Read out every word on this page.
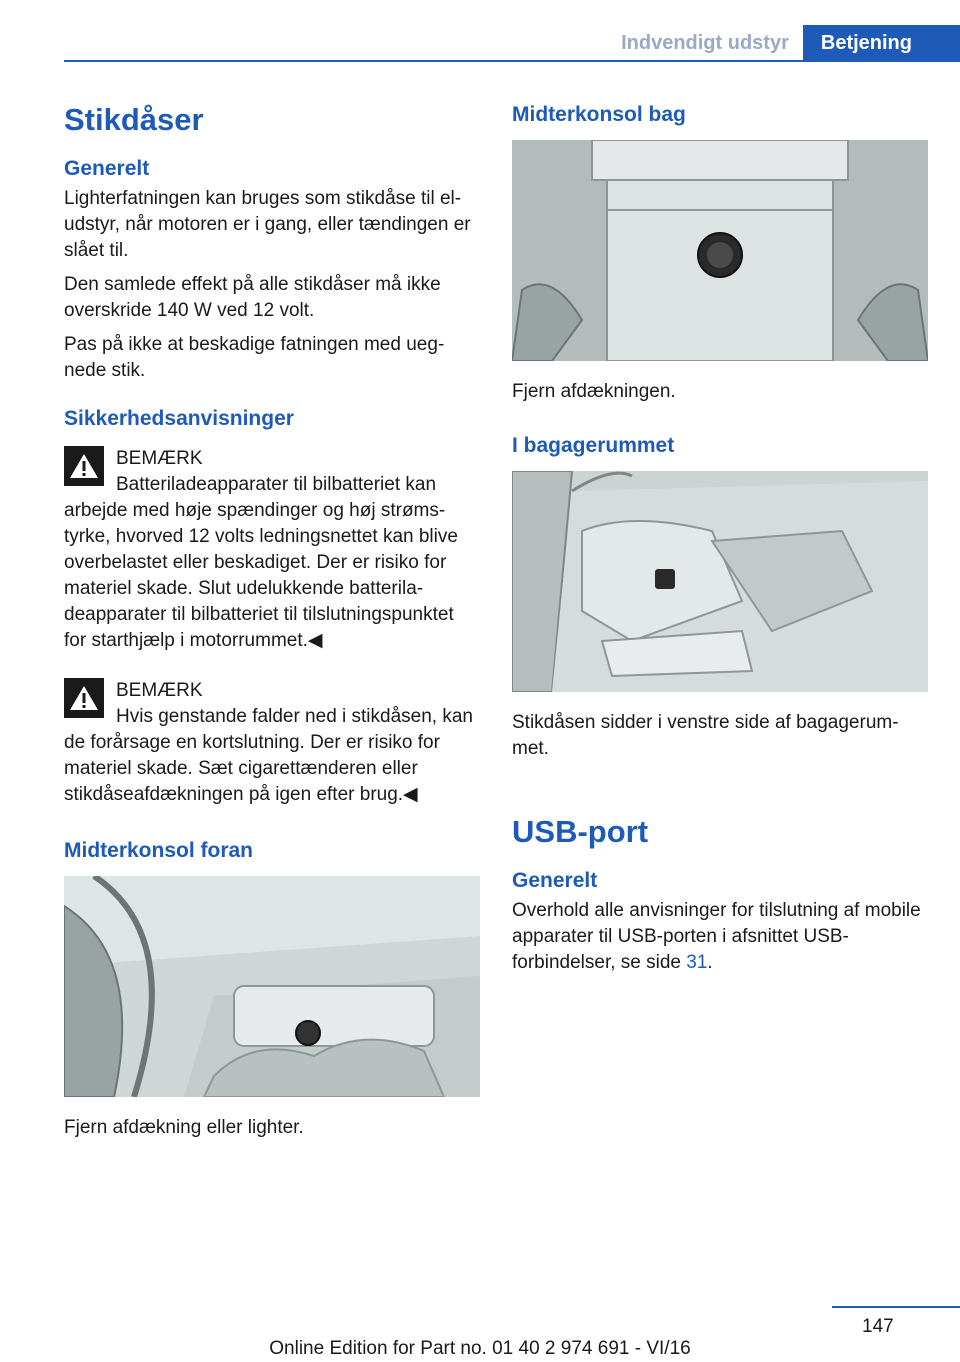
Indvendigt udstyr	Betjening
Stikdåser
Generelt

Lighterfatningen kan bruges som stikdåse til el-udstyr, når motoren er i gang, eller tændingen er slået til.

Den samlede effekt på alle stikdåser må ikke overskride 140 W ved 12 volt.

Pas på ikke at beskadige fatningen med uegnede stik.

Sikkerhedsanvisninger
BEMÆRK
Batteriladeapparater til bilbatteriet kan arbejde med høje spændinger og høj strømstyrke, hvorved 12 volts ledningsnettet kan blive overbelastet eller beskadiget. Der er risiko for materiel skade. Slut udelukkende batteriladeapparater til bilbatteriet til tilslutningspunktet for starthjælp i motorrummet.◀
BEMÆRK
Hvis genstande falder ned i stikdåsen, kan de forårsage en kortslutning. Der er risiko for materiel skade. Sæt cigarettænderen eller stikdåseafdækningen på igen efter brug.◀
Midterkonsol foran

Fjern afdækning eller lighter.

Midterkonsol bag

Fjern afdækningen.

I bagagerummet

Stikdåsen sidder i venstre side af bagagerummet.

USB-port
Generelt

Overhold alle anvisninger for tilslutning af mobile apparater til USB-porten i afsnittet USB-forbindelser, se side 31.

147
Online Edition for Part no. 01 40 2 974 691 - VI/16
